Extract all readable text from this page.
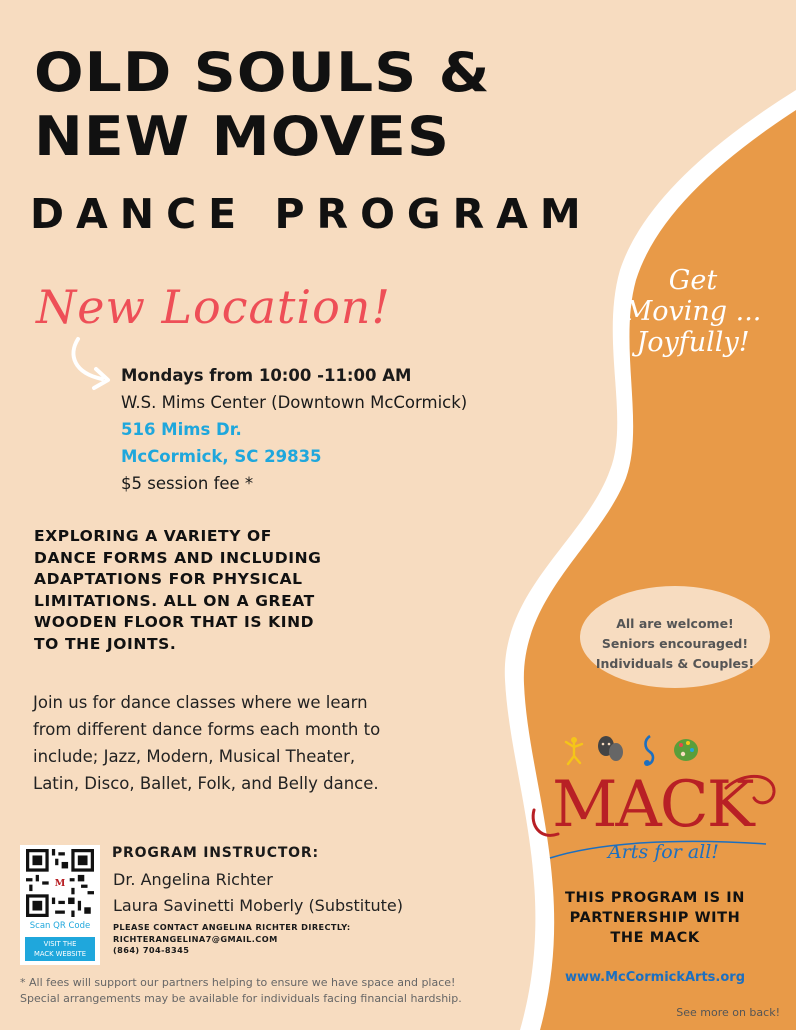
OLD SOULS &
NEW MOVES
DANCE PROGRAM
New Location!
Mondays from 10:00 -11:00 AM
W.S. Mims Center (Downtown McCormick)
516 Mims Dr.
McCormick, SC 29835
$5 session fee *
EXPLORING A VARIETY OF
DANCE FORMS AND INCLUDING
ADAPTATIONS FOR PHYSICAL
LIMITATIONS. ALL ON A GREAT
WOODEN FLOOR THAT IS KIND
TO THE JOINTS.
Join us for dance classes where we learn
from different dance forms each month to
include; Jazz, Modern, Musical Theater,
Latin, Disco, Ballet, Folk, and Belly dance.
M
Scan QR Code
VISIT THE
MACK WEBSITE
PROGRAM INSTRUCTOR:
Dr. Angelina Richter
Laura Savinetti Moberly (Substitute)
PLEASE CONTACT ANGELINA RICHTER DIRECTLY:
RICHTERANGELINA7@GMAIL.COM
(864) 704-8345
* All fees will support our partners helping to ensure we have space and place!
Special arrangements may be available for individuals facing financial hardship.
Get
Moving ...
Joyfully!
All are welcome!
Seniors encouraged!
Individuals & Couples!
MACK
Arts for all!
THIS PROGRAM IS IN
PARTNERSHIP WITH
THE MACK
www.McCormickArts.org
See more on back!
